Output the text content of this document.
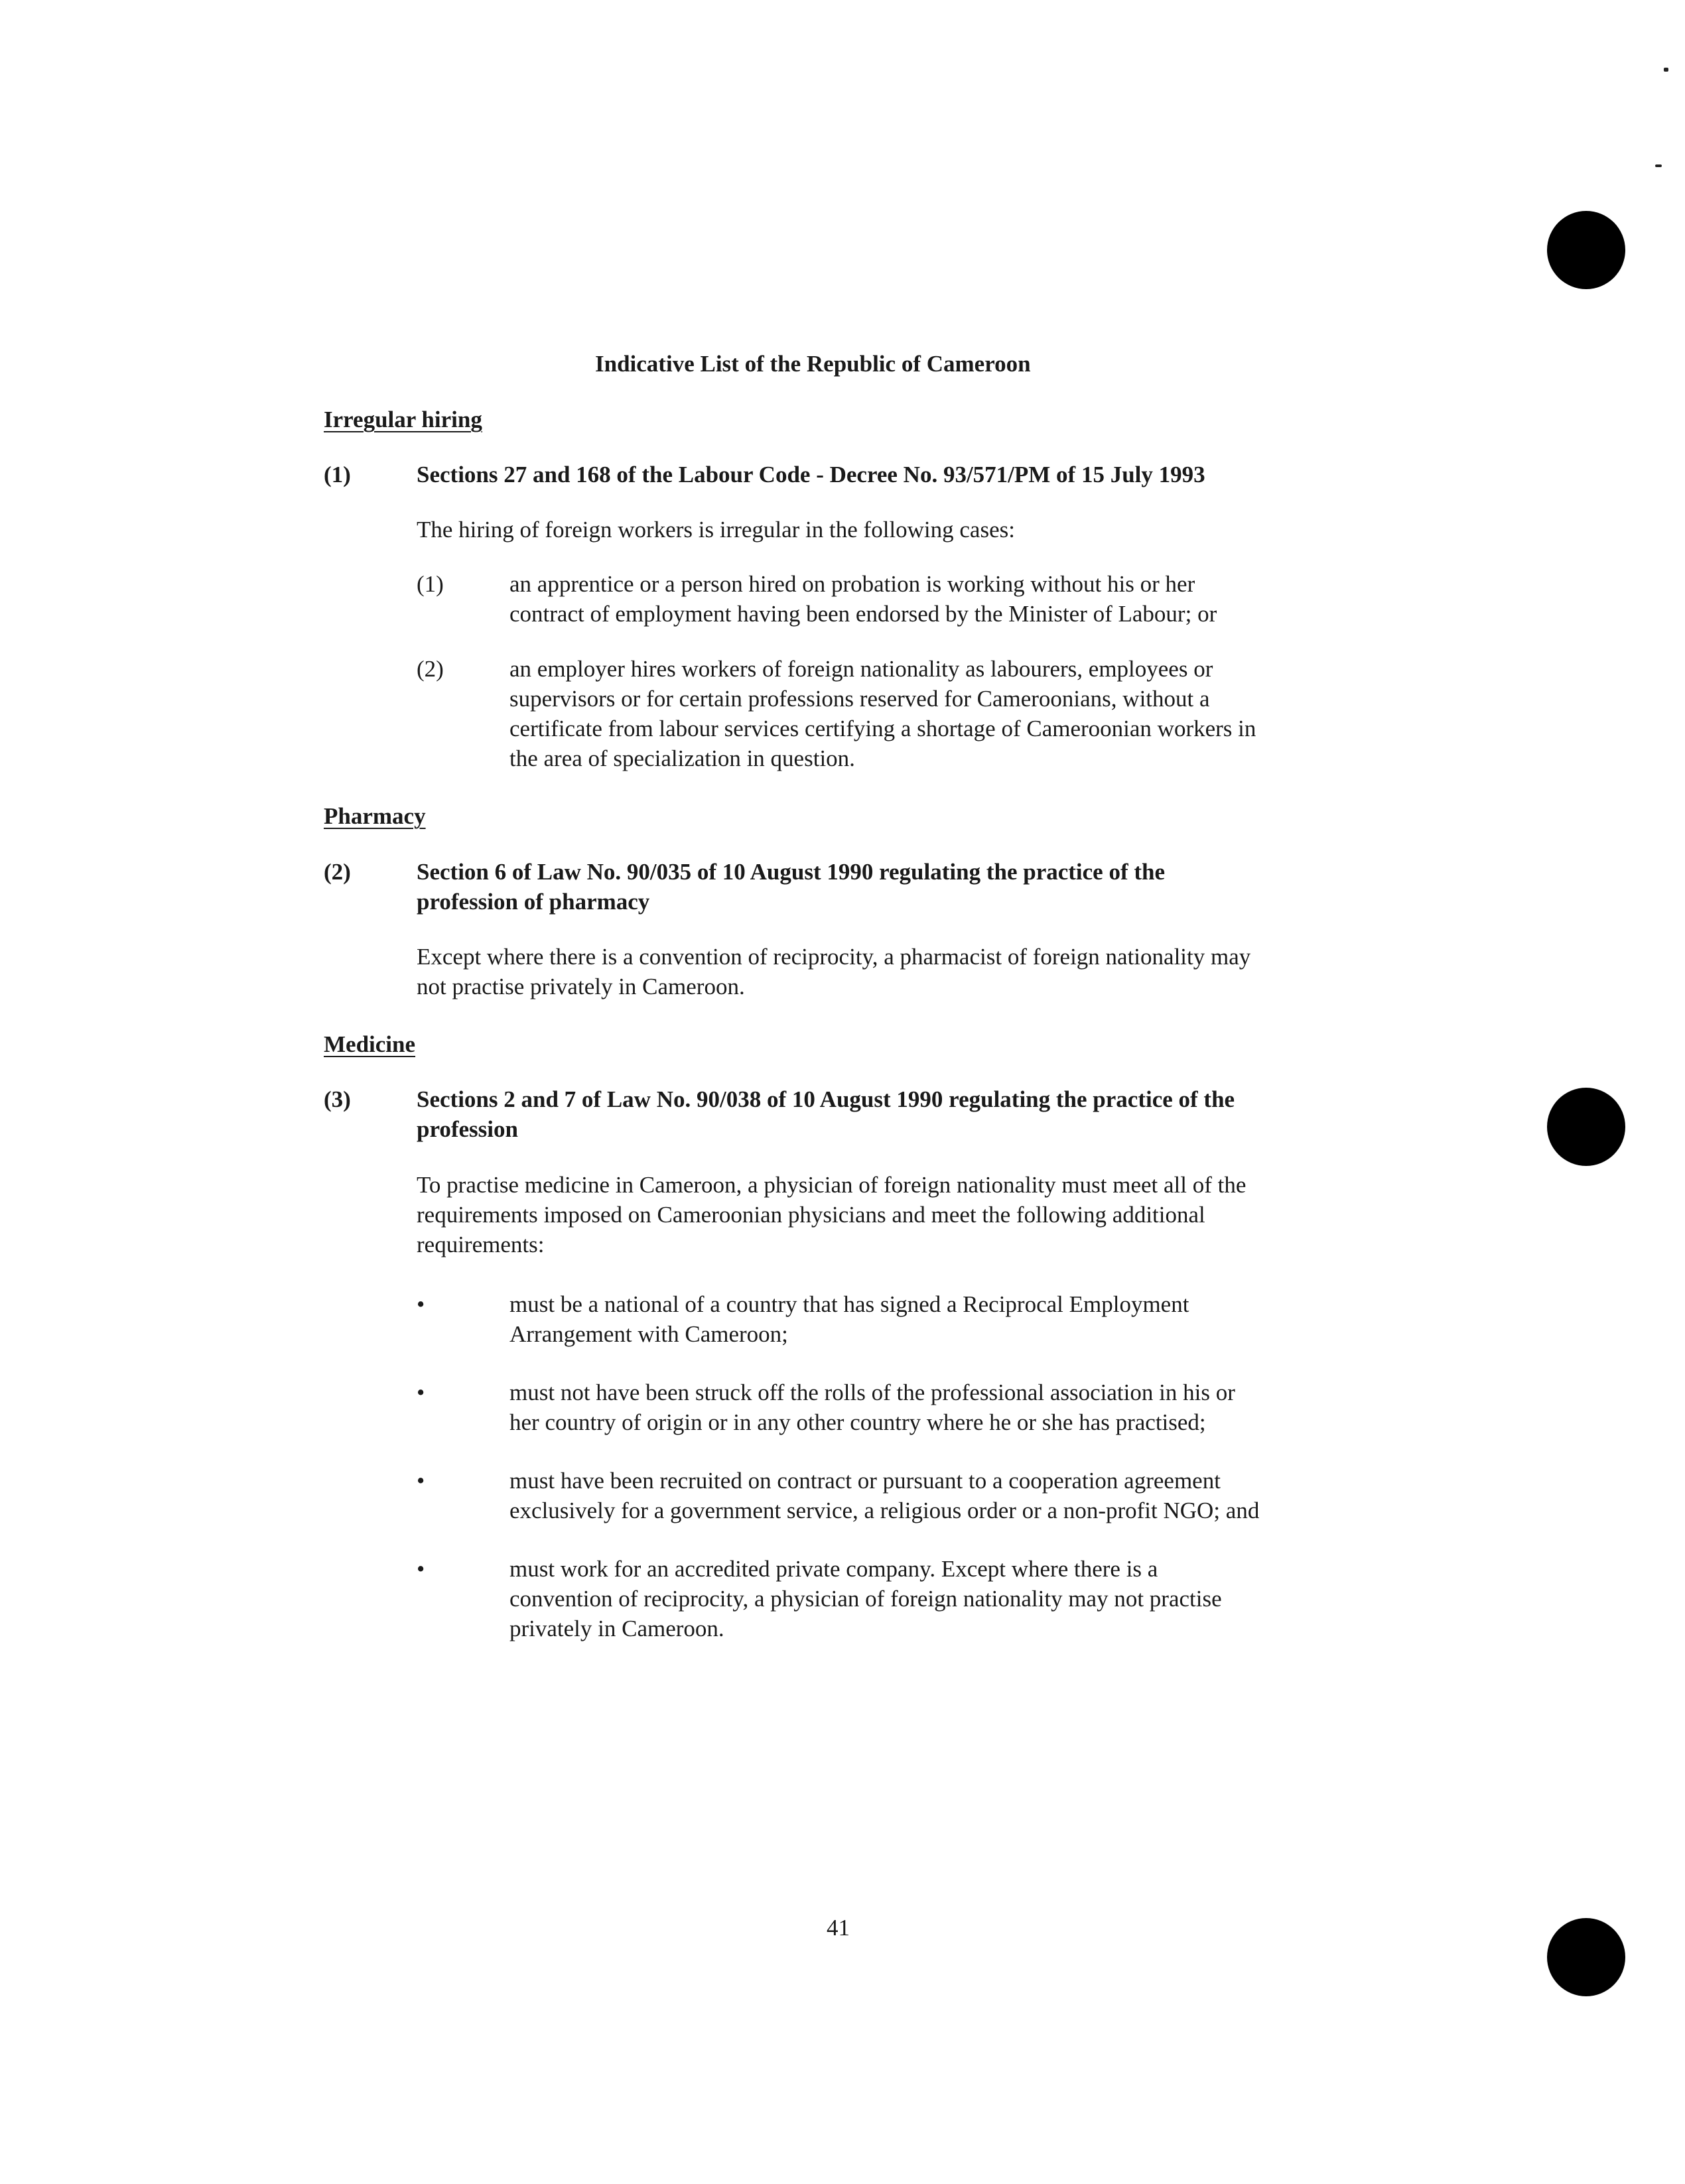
Indicative List of the Republic of Cameroon
Irregular hiring
(1)	Sections 27 and 168 of the Labour Code - Decree No. 93/571/PM of 15 July 1993
The hiring of foreign workers is irregular in the following cases:
(1)	an apprentice or a person hired on probation is working without his or her
contract of employment having been endorsed by the Minister of Labour; or
(2)	an employer hires workers of foreign nationality as labourers, employees or
supervisors or for certain professions reserved for Cameroonians, without a
certificate from labour services certifying a shortage of Cameroonian workers in
the area of specialization in question.
Pharmacy
(2)	Section 6 of Law No. 90/035 of 10 August 1990 regulating the practice of the
profession of pharmacy
Except where there is a convention of reciprocity, a pharmacist of foreign nationality may
not practise privately in Cameroon.
Medicine
(3)	Sections 2 and 7 of Law No. 90/038 of 10 August 1990 regulating the practice of the
profession
To practise medicine in Cameroon, a physician of foreign nationality must meet all of the
requirements imposed on Cameroonian physicians and meet the following additional
requirements:
•	must be a national of a country that has signed a Reciprocal Employment
Arrangement with Cameroon;
•	must not have been struck off the rolls of the professional association in his or
her country of origin or in any other country where he or she has practised;
•	must have been recruited on contract or pursuant to a cooperation agreement
exclusively for a government service, a religious order or a non-profit NGO; and
•	must work for an accredited private company. Except where there is a
convention of reciprocity, a physician of foreign nationality may not practise
privately in Cameroon.
41
